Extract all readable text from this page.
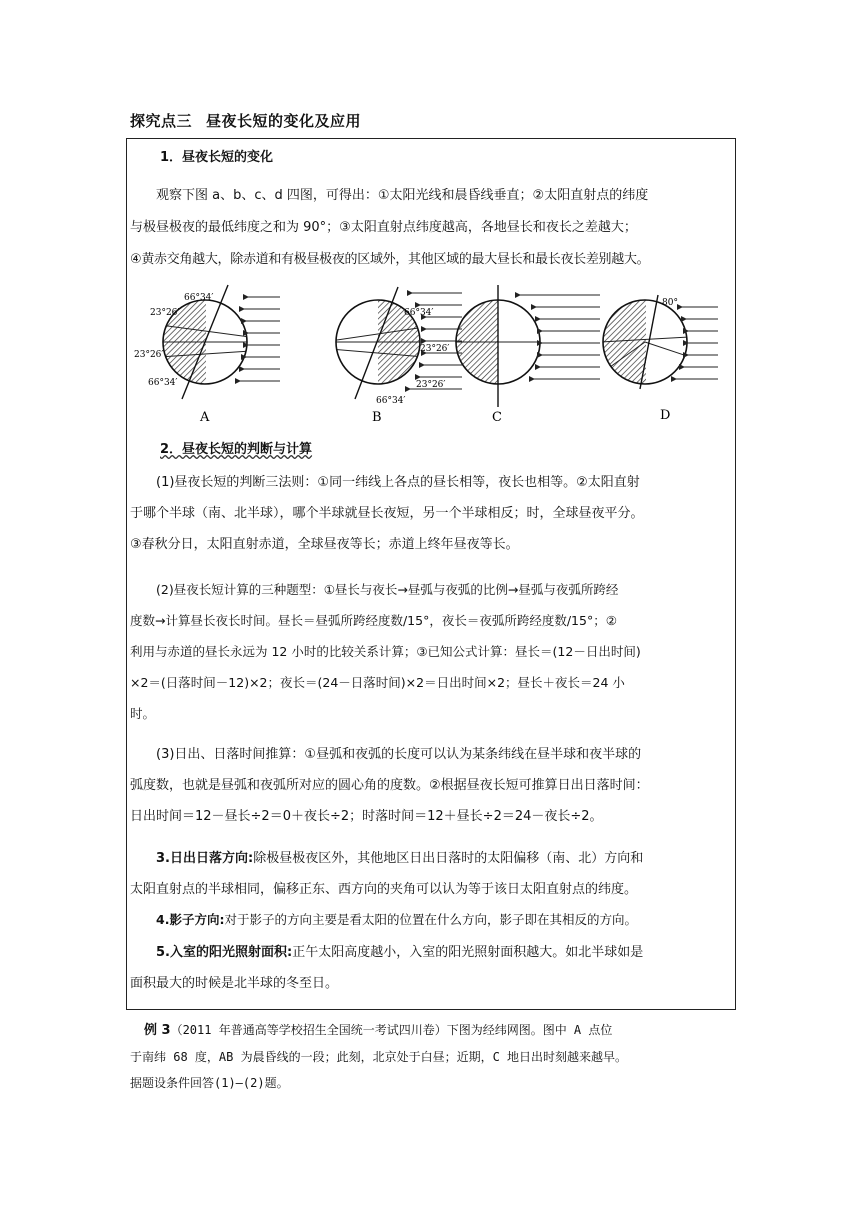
探究点三 昼夜长短的变化及应用

1．昼夜长短的变化

观察下图 a、b、c、d 四图，可得出：①太阳光线和晨昏线垂直；②太阳直射点的纬度
与极昼极夜的最低纬度之和为 90°；③太阳直射点纬度越高，各地昼长和夜长之差越大；
④黄赤交角越大，除赤道和有极昼极夜的区域外，其他区域的最大昼长和最长夜长差别越大。
66°34′
23°26′
23°26′
66°34′
A
66°34′
23°26′
23°26′
66°34′
B	C
80°
D

2．昼夜长短的判断与计算

(1)昼夜长短的判断三法则：①同一纬线上各点的昼长相等，夜长也相等。②太阳直射
于哪个半球（南、北半球），哪个半球就昼长夜短，另一个半球相反；时，全球昼夜平分。
③春秋分日，太阳直射赤道，全球昼夜等长；赤道上终年昼夜等长。
(2)昼夜长短计算的三种题型：①昼长与夜长→昼弧与夜弧的比例→昼弧与夜弧所跨经
度数→计算昼长夜长时间。昼长＝昼弧所跨经度数/15°，夜长＝夜弧所跨经度数/15°；②
利用与赤道的昼长永远为 12 小时的比较关系计算；③已知公式计算：昼长＝(12－日出时间)
×2＝(日落时间－12)×2；夜长＝(24－日落时间)×2＝日出时间×2；昼长＋夜长＝24 小
时。
(3)日出、日落时间推算：①昼弧和夜弧的长度可以认为某条纬线在昼半球和夜半球的
弧度数，也就是昼弧和夜弧所对应的圆心角的度数。②根据昼夜长短可推算日出日落时间：
日出时间＝12－昼长÷2＝0＋夜长÷2；时落时间＝12＋昼长÷2＝24－夜长÷2。
3.日出日落方向:除极昼极夜区外，其他地区日出日落时的太阳偏移（南、北）方向和
太阳直射点的半球相同，偏移正东、西方向的夹角可以认为等于该日太阳直射点的纬度。
4.影子方向:对于影子的方向主要是看太阳的位置在什么方向，影子即在其相反的方向。
5.入室的阳光照射面积:正午太阳高度越小，入室的阳光照射面积越大。如北半球如是
面积最大的时候是北半球的冬至日。
例 3（2011 年普通高等学校招生全国统一考试四川卷）下图为经纬网图。图中 A 点位
于南纬 68 度，AB 为晨昏线的一段；此刻，北京处于白昼；近期，C 地日出时刻越来越早。
据题设条件回答(1)—(2)题。
